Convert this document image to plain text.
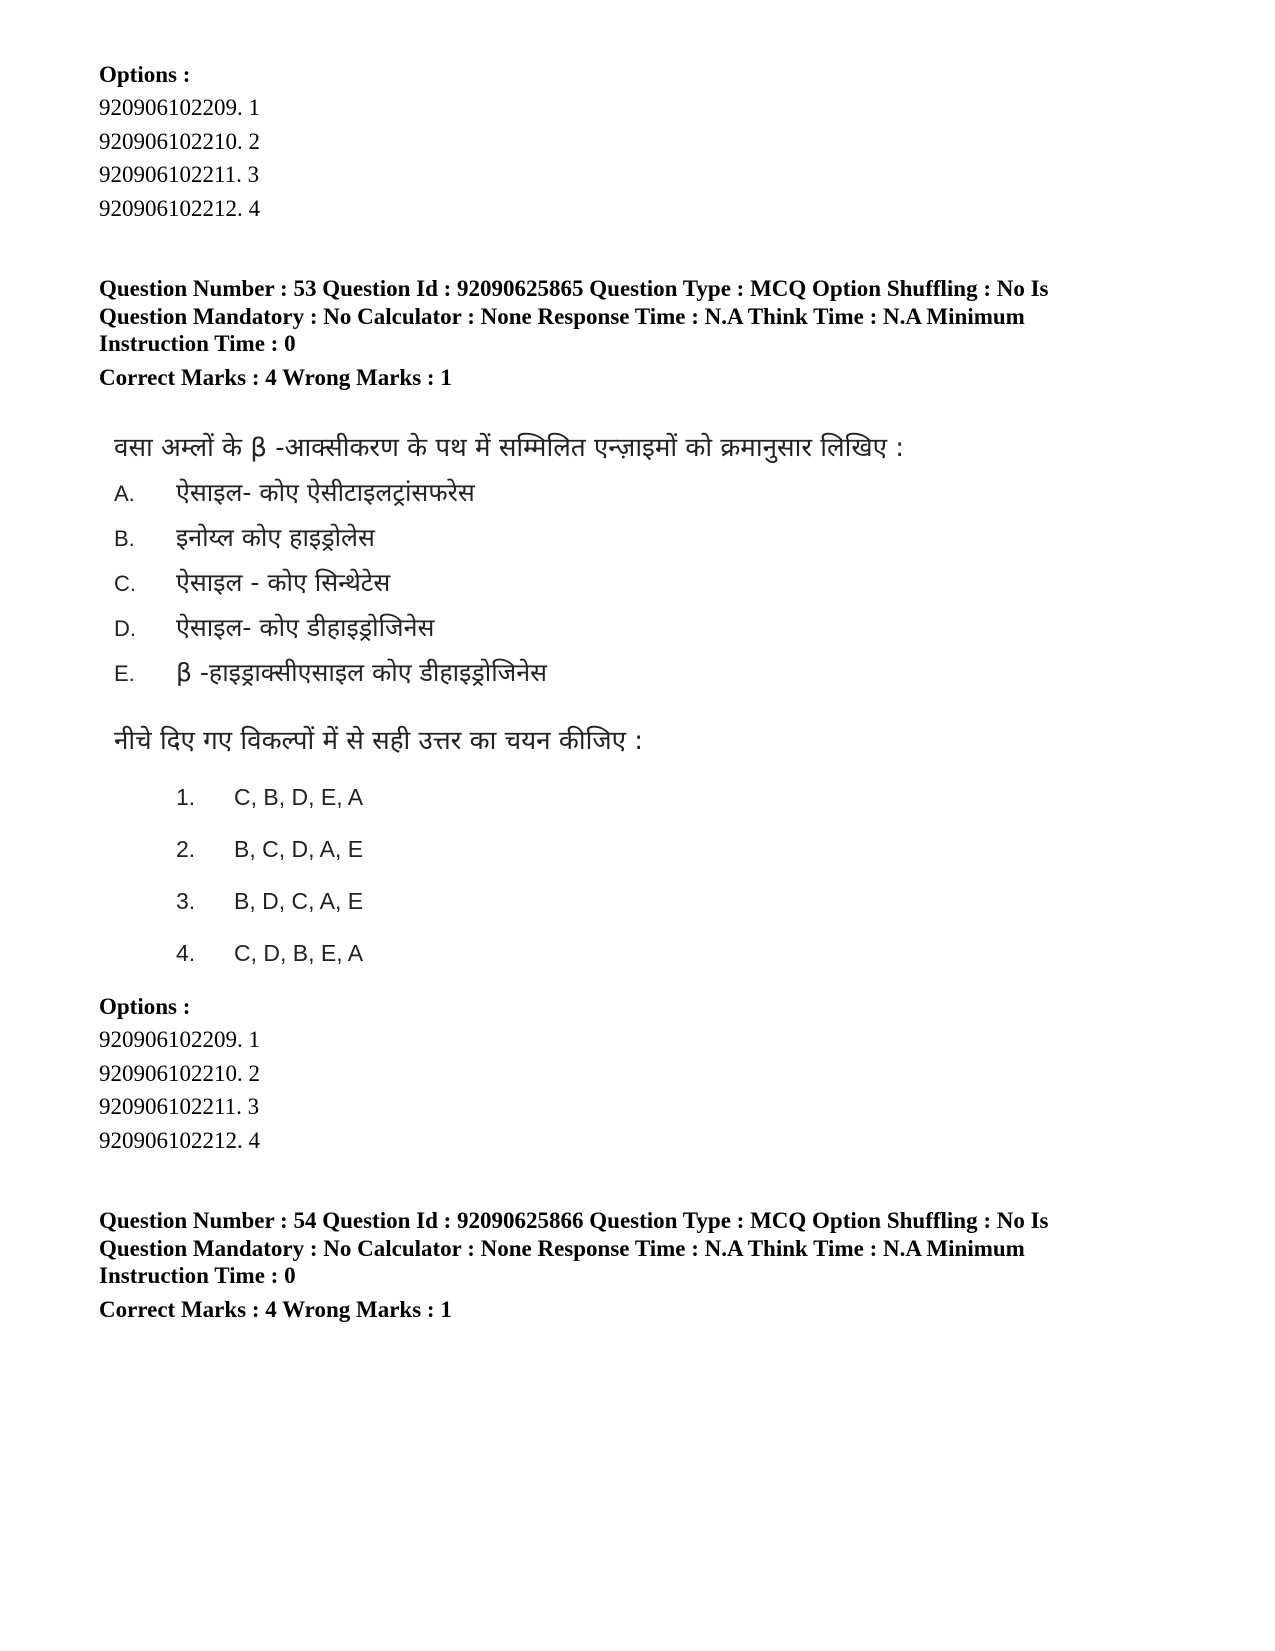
Options :
920906102209. 1
920906102210. 2
920906102211. 3
920906102212. 4
Question Number : 53 Question Id : 92090625865 Question Type : MCQ Option Shuffling : No Is
Question Mandatory : No Calculator : None Response Time : N.A Think Time : N.A Minimum
Instruction Time : 0
Correct Marks : 4 Wrong Marks : 1
वसा अम्लों के β -आक्सीकरण के पथ में सम्मिलित एन्ज़ाइमों को क्रमानुसार लिखिए :
A. ऐसाइल- कोए ऐसीटाइलट्रांसफरेस
B. इनोय्ल कोए हाइड्रोलेस
C. ऐसाइल - कोए सिन्थेटेस
D. ऐसाइल- कोए डीहाइड्रोजिनेस
E. β -हाइड्राक्सीएसाइल कोए डीहाइड्रोजिनेस
नीचे दिए गए विकल्पों में से सही उत्तर का चयन कीजिए :
1. C, B, D, E, A
2. B, C, D, A, E
3. B, D, C, A, E
4. C, D, B, E, A
Options :
920906102209. 1
920906102210. 2
920906102211. 3
920906102212. 4
Question Number : 54 Question Id : 92090625866 Question Type : MCQ Option Shuffling : No Is
Question Mandatory : No Calculator : None Response Time : N.A Think Time : N.A Minimum
Instruction Time : 0
Correct Marks : 4 Wrong Marks : 1
